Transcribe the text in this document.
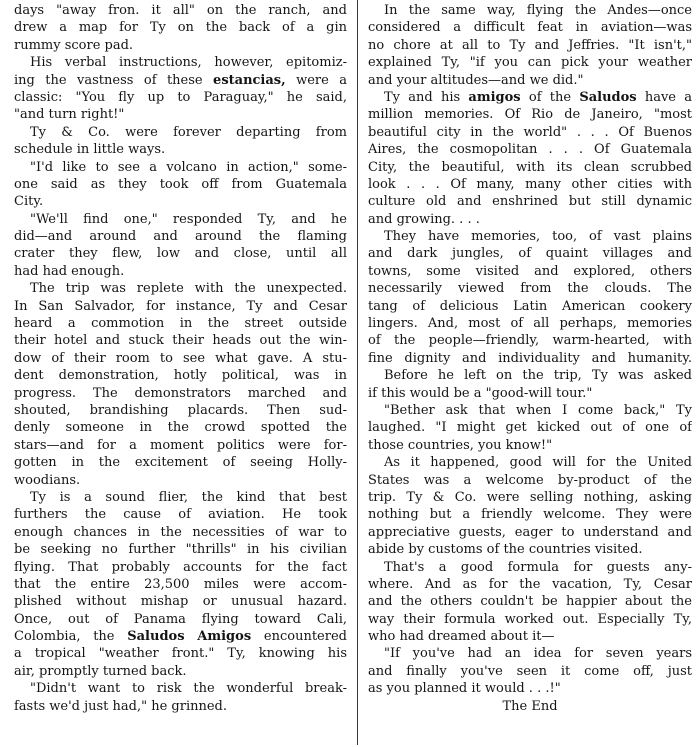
days "away fron. it all" on the ranch, and
drew a map for Ty on the back of a gin
rummy score pad.
His verbal instructions, however, epitomiz-
ing the vastness of these estancias, were a
classic: "You fly up to Paraguay," he said,
"and turn right!"
Ty & Co. were forever departing from
schedule in little ways.
"I'd like to see a volcano in action," some-
one said as they took off from Guatemala
City.
"We'll find one," responded Ty, and he
did—and around and around the flaming
crater they flew, low and close, until all
had had enough.
The trip was replete with the unexpected.
In San Salvador, for instance, Ty and Cesar
heard a commotion in the street outside
their hotel and stuck their heads out the win-
dow of their room to see what gave. A stu-
dent demonstration, hotly political, was in
progress. The demonstrators marched and
shouted, brandishing placards. Then sud-
denly someone in the crowd spotted the
stars—and for a moment politics were for-
gotten in the excitement of seeing Holly-
woodians.
Ty is a sound flier, the kind that best
furthers the cause of aviation. He took
enough chances in the necessities of war to
be seeking no further "thrills" in his civilian
flying. That probably accounts for the fact
that the entire 23,500 miles were accom-
plished without mishap or unusual hazard.
Once, out of Panama flying toward Cali,
Colombia, the Saludos Amigos encountered
a tropical "weather front." Ty, knowing his
air, promptly turned back.
"Didn't want to risk the wonderful break-
fasts we'd just had," he grinned.
In the same way, flying the Andes—once
considered a difficult feat in aviation—was
no chore at all to Ty and Jeffries. "It isn't,"
explained Ty, "if you can pick your weather
and your altitudes—and we did."
Ty and his amigos of the Saludos have a
million memories. Of Rio de Janeiro, "most
beautiful city in the world" . . . Of Buenos
Aires, the cosmopolitan . . . Of Guatemala
City, the beautiful, with its clean scrubbed
look . . . Of many, many other cities with
culture old and enshrined but still dynamic
and growing. . . .
They have memories, too, of vast plains
and dark jungles, of quaint villages and
towns, some visited and explored, others
necessarily viewed from the clouds. The
tang of delicious Latin American cookery
lingers. And, most of all perhaps, memories
of the people—friendly, warm-hearted, with
fine dignity and individuality and humanity.
Before he left on the trip, Ty was asked
if this would be a "good-will tour."
"Bether ask that when I come back," Ty
laughed. "I might get kicked out of one of
those countries, you know!"
As it happened, good will for the United
States was a welcome by-product of the
trip. Ty & Co. were selling nothing, asking
nothing but a friendly welcome. They were
appreciative guests, eager to understand and
abide by customs of the countries visited.
That's a good formula for guests any-
where. And as for the vacation, Ty, Cesar
and the others couldn't be happier about the
way their formula worked out. Especially Ty,
who had dreamed about it—
"If you've had an idea for seven years
and finally you've seen it come off, just
as you planned it would . . .!"
The End
